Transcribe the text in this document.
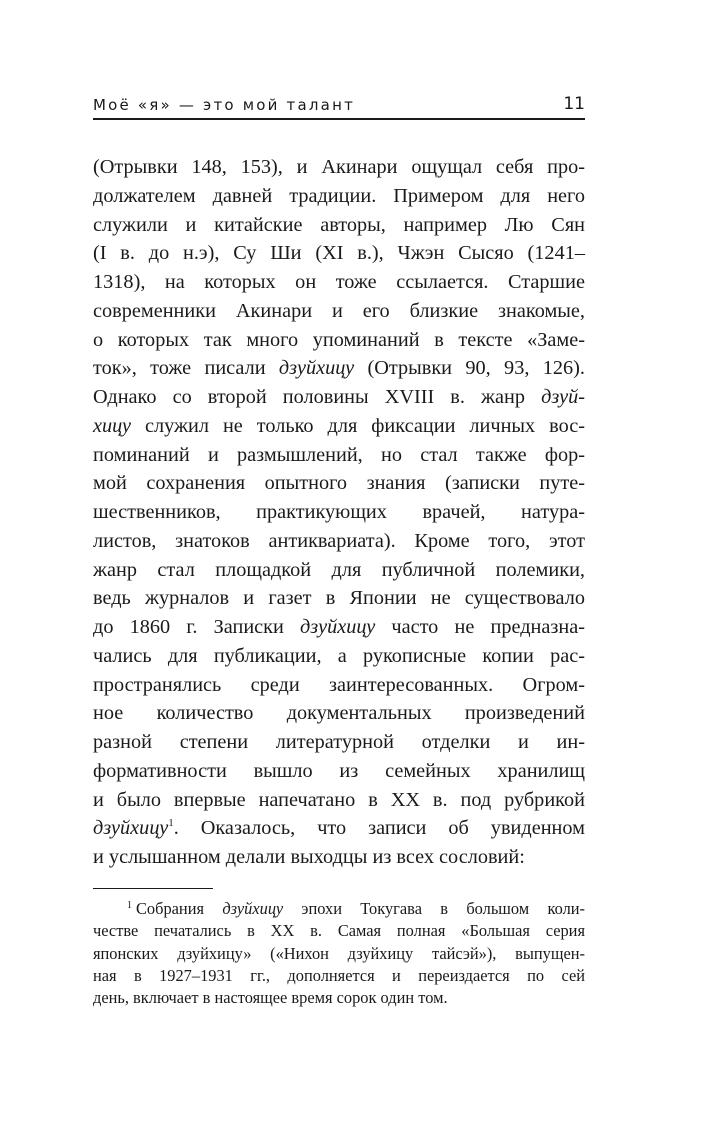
Моё «я» — это мой талант	11
(Отрывки 148, 153), и Акинари ощущал себя про-
должателем давней традиции. Примером для него
служили и китайские авторы, например Лю Сян
(I в. до н.э), Су Ши (XI в.), Чжэн Сысяо (1241–
1318), на которых он тоже ссылается. Старшие
современники Акинари и его близкие знакомые,
о которых так много упоминаний в тексте «Заме-
ток», тоже писали дзуйхицу (Отрывки 90, 93, 126).
Однако со второй половины XVIII в. жанр дзуй-
хицу служил не только для фиксации личных вос-
поминаний и размышлений, но стал также фор-
мой сохранения опытного знания (записки путе-
шественников, практикующих врачей, натура-
листов, знатоков антиквариата). Кроме того, этот
жанр стал площадкой для публичной полемики,
ведь журналов и газет в Японии не существовало
до 1860 г. Записки дзуйхицу часто не предназна-
чались для публикации, а рукописные копии рас-
пространялись среди заинтересованных. Огром-
ное количество документальных произведений
разной степени литературной отделки и ин-
формативности вышло из семейных хранилищ
и было впервые напечатано в XX в. под рубрикой
дзуйхицу$^1$. Оказалось, что записи об увиденном
и услышанном делали выходцы из всех сословий:
$^1$ Собрания дзуйхицу эпохи Токугава в большом коли-
честве печатались в XX в. Самая полная «Большая серия
японских дзуйхицу» («Нихон дзуйхицу тайсэй»), выпущен-
ная в 1927–1931 гг., дополняется и переиздается по сей
день, включает в настоящее время сорок один том.
